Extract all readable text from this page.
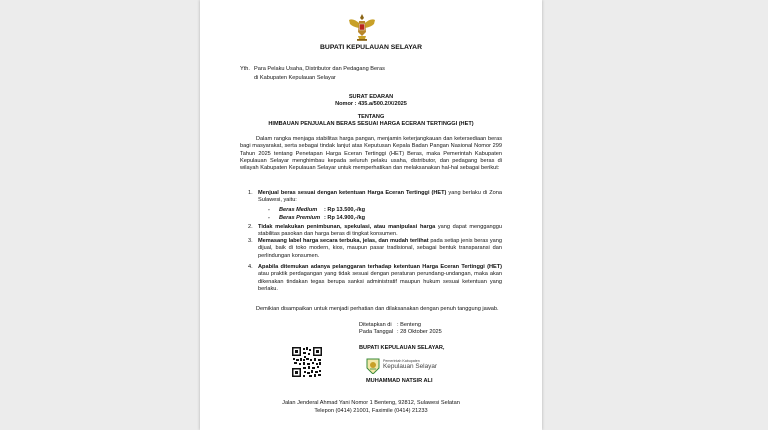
BUPATI KEPULAUAN SELAYAR
Yth. Para Pelaku Usaha, Distributor dan Pedagang Beras
di Kabupaten Kepulauan Selayar
SURAT EDARAN
Nomor : 435.a/500.2/X/2025
TENTANG
HIMBAUAN PENJUALAN BERAS SESUAI HARGA ECERAN TERTINGGI (HET)
Dalam rangka menjaga stabilitas harga pangan, menjamin keterjangkauan dan ketersediaan beras bagi masyarakat, serta sebagai tindak lanjut atas Keputusan Kepala Badan Pangan Nasional Nomor 299 Tahun 2025 tentang Penetapan Harga Eceran Tertinggi (HET) Beras, maka Pemerintah Kabupaten Kepulauan Selayar menghimbau kepada seluruh pelaku usaha, distributor, dan pedagang beras di wilayah Kabupaten Kepulauan Selayar untuk memperhatikan dan melaksanakan hal-hal sebagai berikut:
1. Menjual beras sesuai dengan ketentuan Harga Eceran Tertinggi (HET) yang berlaku di Zona Sulawesi, yaitu:
- Beras Medium : Rp 13.500,-/kg
- Beras Premium : Rp 14.900,-/kg
2. Tidak melakukan penimbunan, spekulasi, atau manipulasi harga yang dapat mengganggu stabilitas pasokan dan harga beras di tingkat konsumen.
3. Memasang label harga secara terbuka, jelas, dan mudah terlihat pada setiap jenis beras yang dijual, baik di toko modern, kios, maupun pasar tradisional, sebagai bentuk transparansi dan perlindungan konsumen.
4. Apabila ditemukan adanya pelanggaran terhadap ketentuan Harga Eceran Tertinggi (HET) atau praktik perdagangan yang tidak sesuai dengan peraturan perundang-undangan, maka akan dikenakan tindakan tegas berupa sanksi administratif maupun hukum sesuai ketentuan yang berlaku.
Demikian disampaikan untuk menjadi perhatian dan dilaksanakan dengan penuh tanggung jawab.
Ditetapkan di : Benteng
Pada Tanggal : 28 Oktober 2025
BUPATI KEPULAUAN SELAYAR,
Pemerintah Kabupaten
Kepulauan Selayar
MUHAMMAD NATSIR ALI
Jalan Jenderal Ahmad Yani Nomor 1 Benteng, 92812, Sulawesi Selatan
Telepon (0414) 21001, Faximile (0414) 21233
